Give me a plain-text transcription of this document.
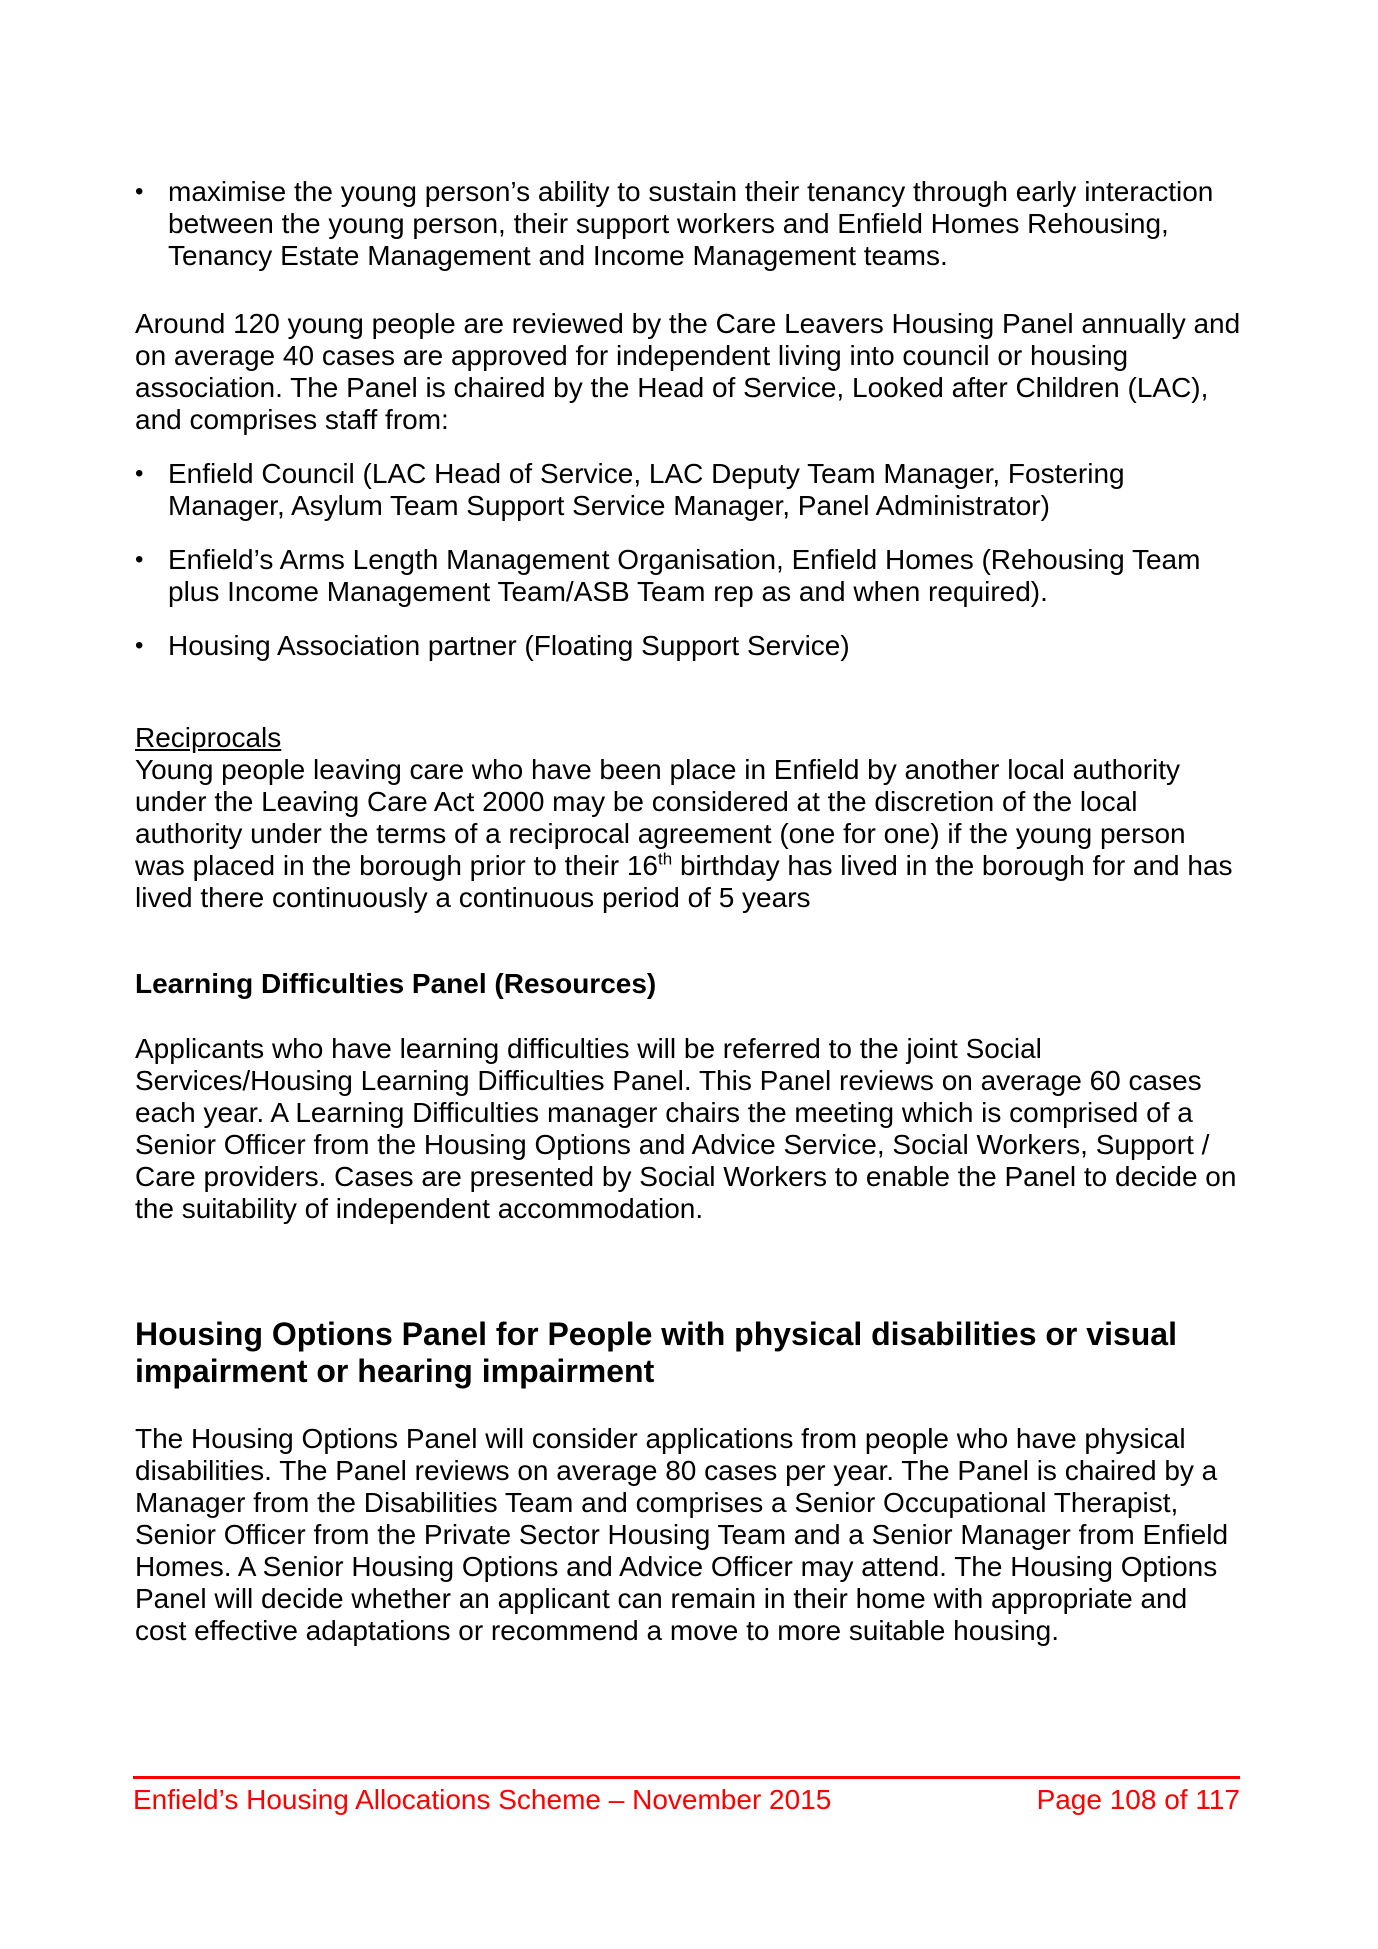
• maximise the young person’s ability to sustain their tenancy through early interaction between the young person, their support workers and Enfield Homes Rehousing, Tenancy Estate Management and Income Management teams.

Around 120 young people are reviewed by the Care Leavers Housing Panel annually and on average 40 cases are approved for independent living into council or housing association. The Panel is chaired by the Head of Service, Looked after Children (LAC), and comprises staff from:

• Enfield Council (LAC Head of Service, LAC Deputy Team Manager, Fostering Manager, Asylum Team Support Service Manager, Panel Administrator)
• Enfield’s Arms Length Management Organisation, Enfield Homes (Rehousing Team plus Income Management Team/ASB Team rep as and when required).
• Housing Association partner (Floating Support Service)
Reciprocals

Young people leaving care who have been place in Enfield by another local authority under the Leaving Care Act 2000 may be considered at the discretion of the local authority under the terms of a reciprocal agreement (one for one) if the young person was placed in the borough prior to their 16th birthday has lived in the borough for and has lived there continuously a continuous period of 5 years

Learning Difficulties Panel (Resources)

Applicants who have learning difficulties will be referred to the joint Social Services/Housing Learning Difficulties Panel. This Panel reviews on average 60 cases each year. A Learning Difficulties manager chairs the meeting which is comprised of a Senior Officer from the Housing Options and Advice Service, Social Workers, Support / Care providers. Cases are presented by Social Workers to enable the Panel to decide on the suitability of independent accommodation.

Housing Options Panel for People with physical disabilities or visual impairment or hearing impairment

The Housing Options Panel will consider applications from people who have physical disabilities. The Panel reviews on average 80 cases per year. The Panel is chaired by a Manager from the Disabilities Team and comprises a Senior Occupational Therapist, Senior Officer from the Private Sector Housing Team and a Senior Manager from Enfield Homes. A Senior Housing Options and Advice Officer may attend. The Housing Options Panel will decide whether an applicant can remain in their home with appropriate and cost effective adaptations or recommend a move to more suitable housing.

Enfield’s Housing Allocations Scheme – November 2015	Page 108 of 117
